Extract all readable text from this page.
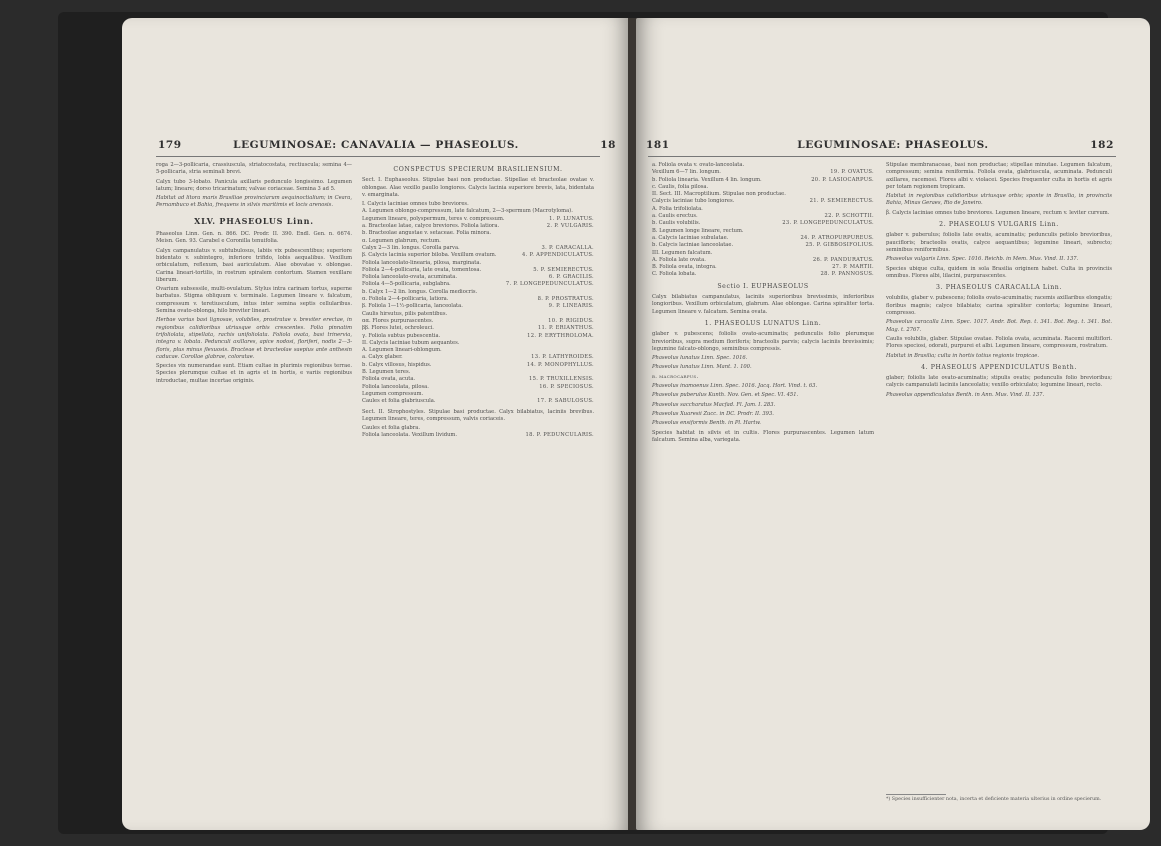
179	LEGUMINOSAE: CANAVALIA — PHASEOLUS.	18

roga 2—3-pollicaria, crassiuscula, striatocostata, rectiuscula; semina 4—5-pollicaria, stria seminali brevi.

Calyx tubo 3-lobato. Panicula axillaris pedunculo longissimo. Legumen latum; lineare; dorso tricarinatum; valvae coriaceae. Semina 3 ad 5.

Habitat ad litora maris Brasiliae provinciarum aequinoctialium; in Ceara, Pernambuco et Bahia, frequens in silvis maritimis et locis arenosis.

XLV. PHASEOLUS Linn.

Phaseolus Linn. Gen. n. 866. DC. Prodr. II. 390. Endl. Gen. n. 6674. Meisn. Gen. 93. Carabel e Coronilla tenuifolia.

Calyx campanulatus v. subtubulosus, labiis vix pubescentibus; superiore bidentato v. subintegro, inferiore trifido, lobis aequalibus. Vexillum orbiculatum, reflexum, basi auriculatum. Alae obovatae v. oblongae. Carina lineari-tortilis, in rostrum spiralem contortum. Stamen vexillare liberum.

Ovarium subsessile, multi-ovulatum. Stylus intra carinam tortus, superne barbatus. Stigma obliquum v. terminale. Legumen lineare v. falcatum, compressum v. teretiusculum, intus inter semina septis cellularibus. Semina ovato-oblonga, hilo breviter lineari.

Herbae varius basi lignosae, volubiles, prostratae v. breviter erectae, in regionibus calidioribus utriusque orbis crescentes. Folia pinnatim trifoliolata, stipellata, rachis unifoliolata. Foliola ovata, basi trinervia, integra v. lobata. Pedunculi axillares, apice nodosi, floriferi, nodis 2—3-floris, plus minus flexuosis. Bracteae et bracteolae saepius ante anthesin caducae. Corollae glabrae, coloratae.

Species vix numerandae sunt. Etiam cultae in plurimis regionibus terrae. Species plerumque cultae et in agris et in hortis, e variis regionibus introductae, multae incertae originis.

CONSPECTUS SPECIERUM BRASILIENSIUM.

Sect. I. Euphaseolus. Stipulae basi non productae. Stipellae et bracteolae ovatae v. oblongae. Alae vexillo paullo longiores. Calycis lacinia superiore brevis, lata, bidentata v. emarginata.

I. Calycis laciniae omnes tubo breviores.
A. Legumen oblongo-compressum, late falcatum, 2—3-spermum (Macrotyloma).
Legumen lineare, polyspermum, teres v. compressum.	1. P. LUNATUS.
a. Bracteolae latae, calyce breviores. Foliola latiora.	2. P. VULGARIS.
b. Bracteolae angustae v. setaceae. Folia minora.
α. Legumen glabrum, rectum.
Calyx 2—3 lin. longus. Corolla parva.	3. P. CARACALLA.
β. Calycis lacinia superior biloba. Vexillum ovatum.	4. P. APPENDICULATUS.
Foliola lanceolato-linearia, pilosa, marginata.
Foliola 2—4-pollicaria, late ovata, tomentosa.	5. P. SEMIERECTUS.
Foliola lanceolato-ovata, acuminata.	6. P. GRACILIS.
Foliola 4—5-pollicaria, subglabra.	7. P. LONGEPEDUNCULATUS.
b. Calyx 1—2 lin. longus. Corolla mediocris.
α. Foliola 2—4-pollicaria, latiora.	8. P. PROSTRATUS.
β. Foliola 1—1½-pollicaria, lanceolata.	9. P. LINEARIS.
Caulis hirsutus, pilis patentibus.
αα. Flores purpurascentes.	10. P. RIGIDUS.
ββ. Flores lutei, ochroleuci.	11. P. ERIANTHUS.
γ. Foliola subtus pubescentia.	12. P. ERYTHROLOMA.
II. Calycis laciniae tubum aequantes.
A. Legumen lineari-oblongum.
a. Calyx glaber.	13. P. LATHYROIDES.
b. Calyx villosus, hispidus.	14. P. MONOPHYLLUS.
B. Legumen teres.
Foliola ovata, acuta.	15. P. TRUXILLENSIS.
Foliola lanceolata, pilosa.	16. P. SPECIOSUS.
Legumen compressum.
Caules et folia glabriuscula.	17. P. SABULOSUS.

Sect. II. Strophostyles. Stipulae basi productae. Calyx bilabiatus, laciniis brevibus. Legumen lineare, teres, compressum, valvis coriaceis.

Caules et folia glabra.
Foliola lanceolata. Vexillum lividum.	18. P. PEDUNCULARIS.
181	LEGUMINOSAE: PHASEOLUS.	182
a. Foliola ovata v. ovato-lanceolata.
Vexillum 6—7 lin. longum.	19. P. OVATUS.
b. Foliola linearia. Vexillum 4 lin. longum.	20. P. LASIOCARPUS.
c. Caulis, folia pilosa.
II. Sect. III. Macroptilium. Stipulae non productae.
Calycis laciniae tubo longiores.	21. P. SEMIERECTUS.
A. Folia trifoliolata.
a. Caulis erectus.	22. P. SCHOTTII.
b. Caulis volubilis.	23. P. LONGEPEDUNCULATUS.
B. Legumen longe lineare, rectum.
a. Calycis laciniae subulatae.	24. P. ATROPURPUREUS.
b. Calycis laciniae lanceolatae.	25. P. GIBBOSIFOLIUS.
III. Legumen falcatum.
A. Foliola late ovata.	26. P. PANDURATUS.
B. Foliola ovata, integra.	27. P. MARTII.
C. Foliola lobata.	28. P. PANNOSUS.
Sectio I. EUPHASEOLUS

Calyx bilabiatus campanulatus, laciniis superioribus brevissimis, inferioribus longioribus. Vexillum orbiculatum, glabrum. Alae oblongae. Carina spiraliter torta. Legumen lineare v. falcatum. Semina ovata.

1. PHASEOLUS LUNATUS Linn.

glaber v. pubescens; foliolis ovato-acuminatis; pedunculis folio plerumque brevioribus, supra medium floriferis; bracteolis parvis; calycis laciniis brevissimis; legumine falcato-oblongo, seminibus compressis.

Phaseolus lunatus Linn. Spec. 1016.

Phaseolus lunatus Linn. Mant. 1. 100.

β. macrocarpus.

Phaseolus inamoenus Linn. Spec. 1016. Jacq. Hort. Vind. t. 63.

Phaseolus puberulus Kunth. Nov. Gen. et Spec. VI. 451.

Phaseolus saccharatus Macfad. Fl. Jam. I. 283.

Phaseolus Xuaresii Zucc. in DC. Prodr. II. 393.

Phaseolus ensiformis Benth. in Pl. Hartw.

Species habitat in silvis et in cultis. Flores purpurascentes. Legumen latum falcatum. Semina alba, variegata.

Stipulae membranaceae, basi non productae; stipellae minutae. Legumen falcatum, compressum; semina reniformia. Foliola ovata, glabriuscula, acuminata. Pedunculi axillares, racemosi. Flores albi v. violacei. Species frequenter culta in hortis et agris per totam regionem tropicam.

Habitat in regionibus calidioribus utriusque orbis; sponte in Brasilia, in provinciis Bahia, Minas Geraes, Rio de Janeiro.

β. Calycis laciniae omnes tubo breviores. Legumen lineare, rectum v. leviter curvum.

2. PHASEOLUS VULGARIS Linn.

glaber v. puberulus; foliolis late ovatis, acuminatis; pedunculis petiolo brevioribus, paucifloris; bracteolis ovatis, calyce aequantibus; legumine lineari, subrecto; seminibus reniformibus.

Phaseolus vulgaris Linn. Spec. 1016. Reichb. in Mem. Mus. Vind. II. 137.

Species ubique culta, quidem in sola Brasilia originem habet. Culta in provinciis omnibus. Flores albi, lilacini, purpurascentes.

3. PHASEOLUS CARACALLA Linn.

volubilis, glaber v. pubescens; foliolis ovato-acuminatis; racemis axillaribus elongatis; floribus magnis; calyce bilabiato; carina spiraliter contorta; legumine lineari, compresso.

Phaseolus caracalla Linn. Spec. 1017. Andr. Bot. Rep. t. 341. Bot. Reg. t. 341. Bot. Mag. t. 2767.

Caulis volubilis, glaber. Stipulae ovatae. Foliola ovata, acuminata. Racemi multiflori. Flores speciosi, odorati, purpurei et albi. Legumen lineare, compressum, rostratum.

Habitat in Brasilia; culta in hortis totius regionis tropicae.

4. PHASEOLUS APPENDICULATUS Benth.

glaber; foliolis late ovato-acuminatis; stipulis ovatis; pedunculis folio brevioribus; calycis campanulati laciniis lanceolatis; vexillo orbiculato; legumine lineari, recto.

Phaseolus appendiculatus Benth. in Ann. Mus. Vind. II. 137.

*) Species insufficienter nota, incerta et deficiente materia ulterius in ordine specierum.
